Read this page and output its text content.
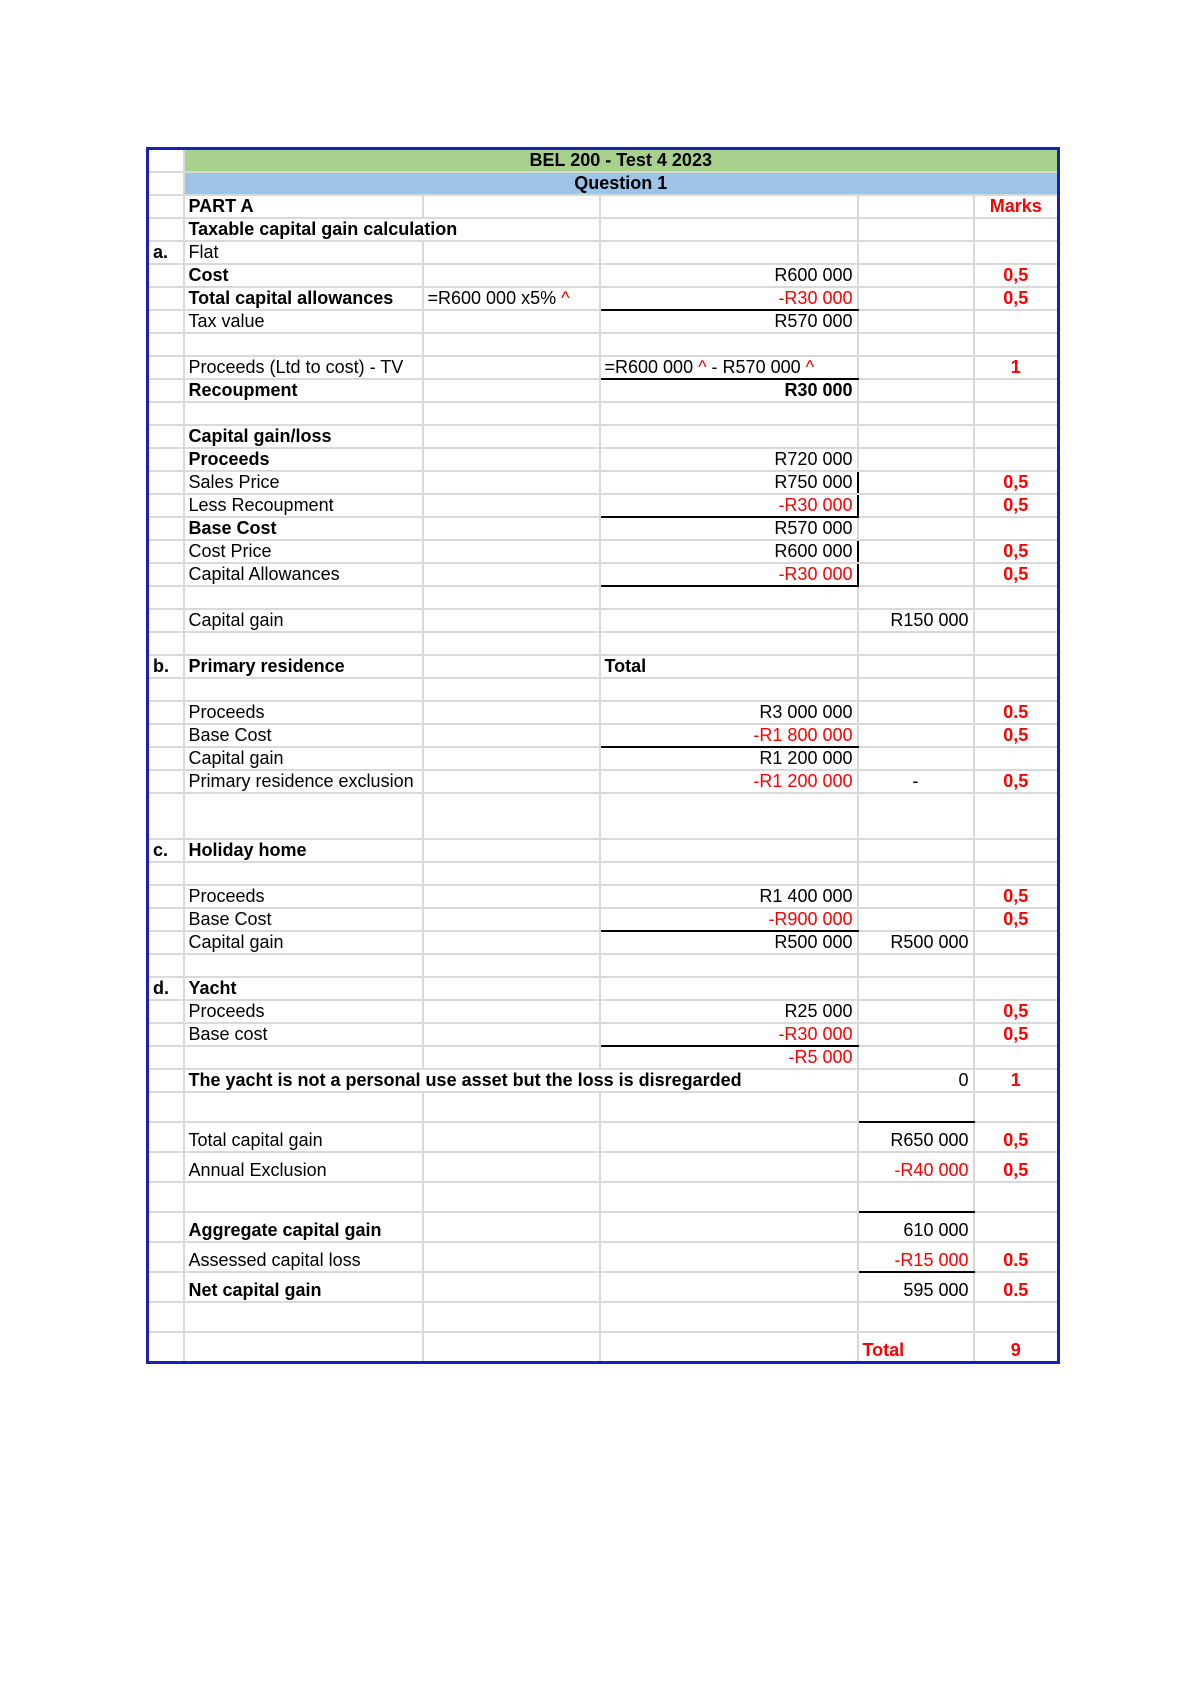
	BEL 200 - Test 4 2023				
	Question 1				
	PART A				Marks
	Taxable capital gain calculation				
a.	Flat				
	Cost		R600 000		0,5
	Total capital allowances	=R600 000 x5% ^	-R30 000		0,5
	Tax value		R570 000		

	Proceeds (Ltd to cost) - TV		=R600 000 ^ - R570 000 ^		1
	Recoupment		R30 000		

	Capital gain/loss				
	Proceeds		R720 000		
	Sales Price		R750 000		0,5
	Less Recoupment		-R30 000		0,5
	Base Cost		R570 000		
	Cost Price		R600 000		0,5
	Capital Allowances		-R30 000		0,5

	Capital gain			R150 000	

b.	Primary residence		Total		

	Proceeds		R3 000 000		0.5
	Base Cost		-R1 800 000		0,5
	Capital gain		R1 200 000		
	Primary residence exclusion		-R1 200 000	-	0,5

c.	Holiday home				

	Proceeds		R1 400 000		0,5
	Base Cost		-R900 000		0,5
	Capital gain		R500 000	R500 000	

d.	Yacht				
	Proceeds		R25 000		0,5
	Base cost		-R30 000		0,5
			-R5 000		
	The yacht is not a personal use asset but the loss is disregarded			0	1

	Total capital gain			R650 000	0,5
	Annual Exclusion			-R40 000	0,5

	Aggregate capital gain			610 000	
	Assessed capital loss			-R15 000	0.5
	Net capital gain			595 000	0.5

				Total	9
